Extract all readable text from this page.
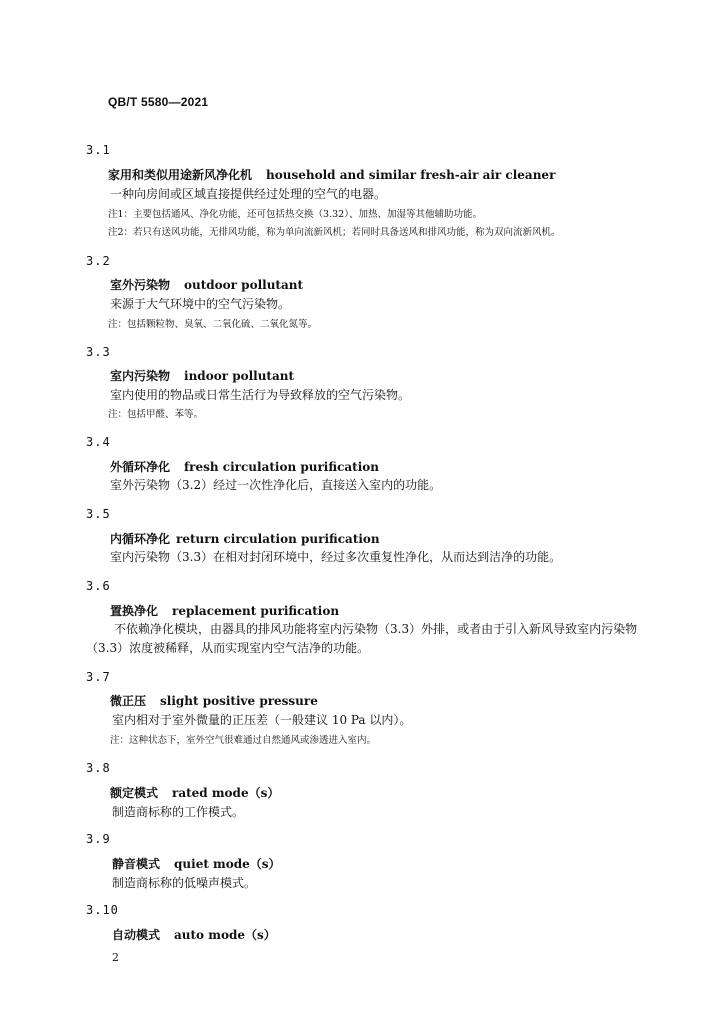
QB/T 5580—2021
3.1
家用和类似用途新风净化机 household and similar fresh-air air cleaner
一种向房间或区域直接提供经过处理的空气的电器。
注1：主要包括通风、净化功能，还可包括热交换（3.32）、加热、加湿等其他辅助功能。
注2：若只有送风功能，无排风功能，称为单向流新风机；若同时具备送风和排风功能，称为双向流新风机。
3.2
室外污染物 outdoor pollutant
来源于大气环境中的空气污染物。
注：包括颗粒物、臭氧、二氧化硫、二氧化氮等。
3.3
室内污染物 indoor pollutant
室内使用的物品或日常生活行为导致释放的空气污染物。
注：包括甲醛、苯等。
3.4
外循环净化 fresh circulation purification
室外污染物（3.2）经过一次性净化后，直接送入室内的功能。
3.5
内循环净化 return circulation purification
室内污染物（3.3）在相对封闭环境中，经过多次重复性净化，从而达到洁净的功能。
3.6
置换净化 replacement purification
不依赖净化模块，由器具的排风功能将室内污染物（3.3）外排，或者由于引入新风导致室内污染物
（3.3）浓度被稀释，从而实现室内空气洁净的功能。
3.7
微正压 slight positive pressure
室内相对于室外微量的正压差（一般建议 10 Pa 以内）。
注：这种状态下，室外空气很难通过自然通风或渗透进入室内。
3.8
额定模式 rated mode（s）
制造商标称的工作模式。
3.9
静音模式 quiet mode（s）
制造商标称的低噪声模式。
3.10
自动模式 auto mode（s）
2
